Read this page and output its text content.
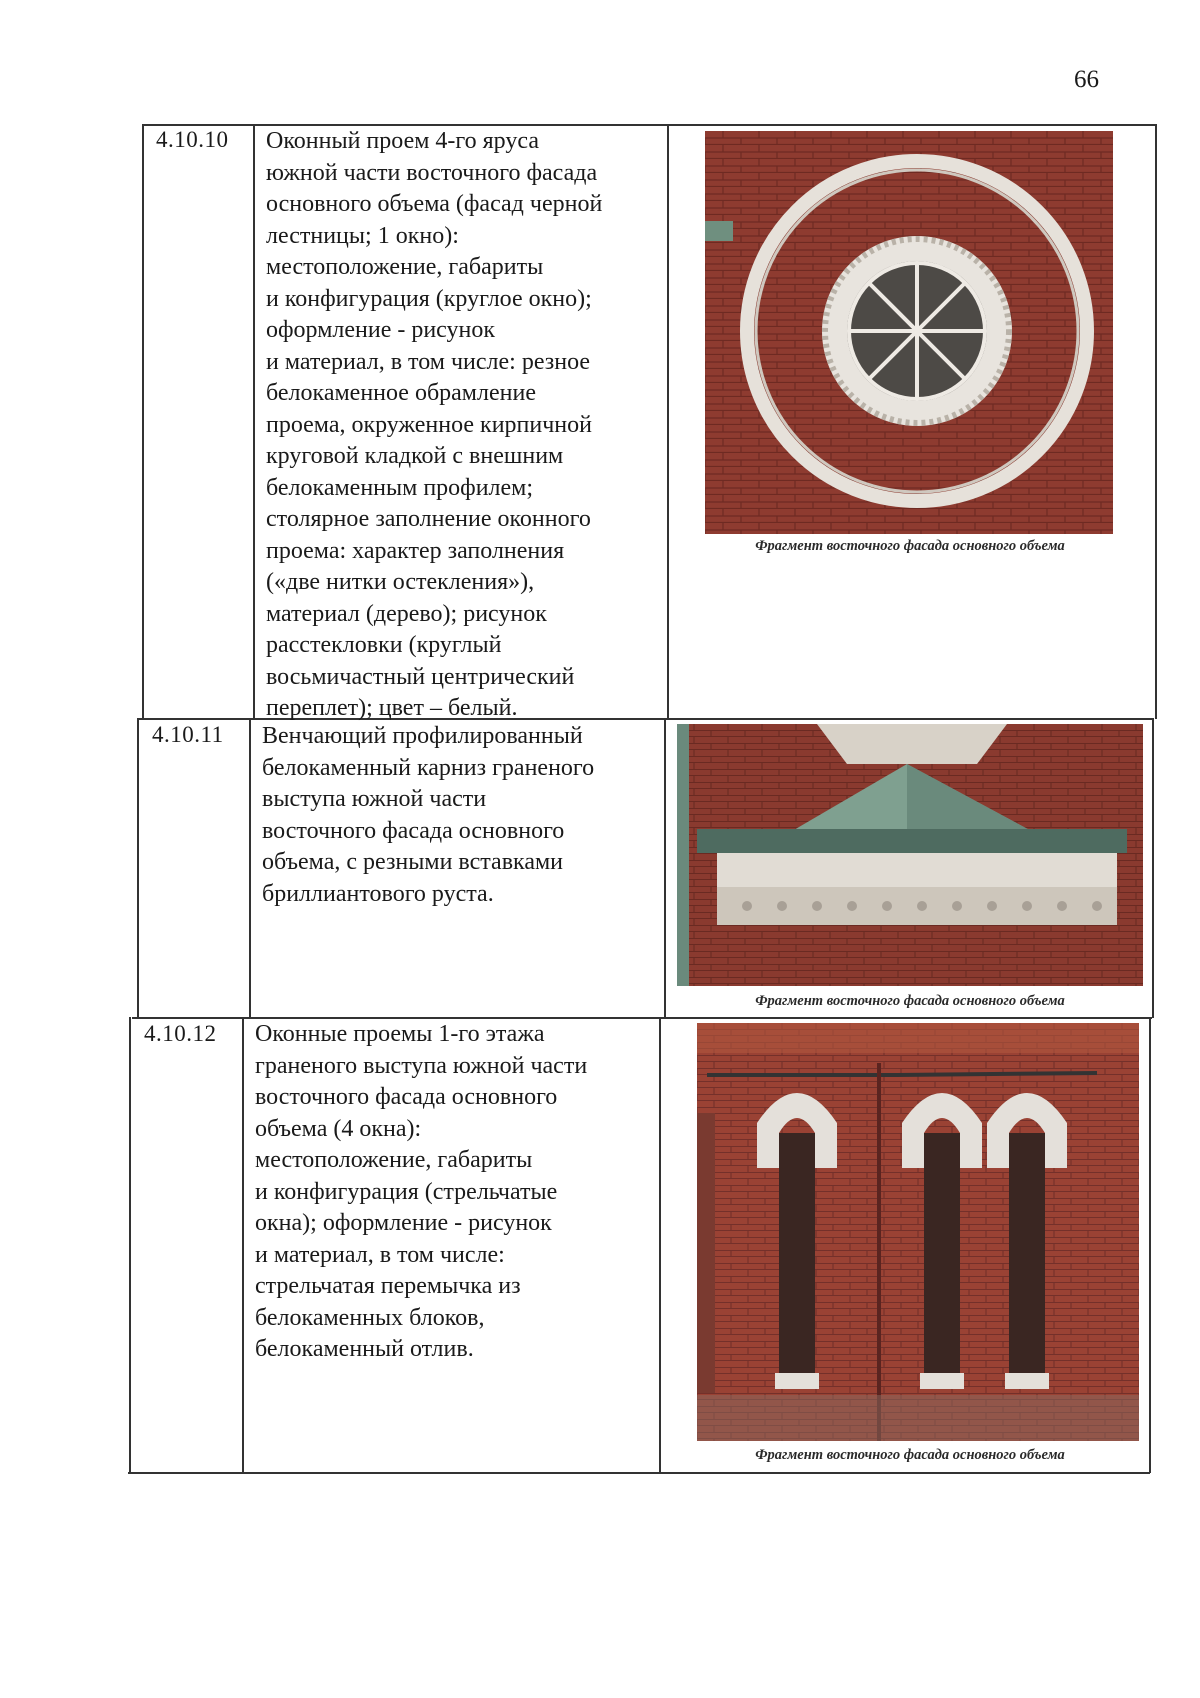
66
4.10.10 Оконный проем 4-го яруса
южной части восточного фасада
основного объема (фасад черной
лестницы; 1 окно):
местоположение, габариты
и конфигурация (круглое окно);
оформление - рисунок
и материал, в том числе: резное
белокаменное обрамление
проема, окруженное кирпичной
круговой кладкой с внешним
белокаменным профилем;
столярное заполнение оконного
проема: характер заполнения
(«две нитки остекления»),
материал (дерево); рисунок
расстекловки (круглый
восьмичастный центрический
переплет); цвет – белый.
Фрагмент восточного фасада основного объема
4.10.11 Венчающий профилированный
белокаменный карниз граненого
выступа южной части
восточного фасада основного
объема, с резными вставками
бриллиантового руста.
Фрагмент восточного фасада основного объема
4.10.12 Оконные проемы 1-го этажа
граненого выступа южной части
восточного фасада основного
объема (4 окна):
местоположение, габариты
и конфигурация (стрельчатые
окна); оформление - рисунок
и материал, в том числе:
стрельчатая перемычка из
белокаменных блоков,
белокаменный отлив.
Фрагмент восточного фасада основного объема
